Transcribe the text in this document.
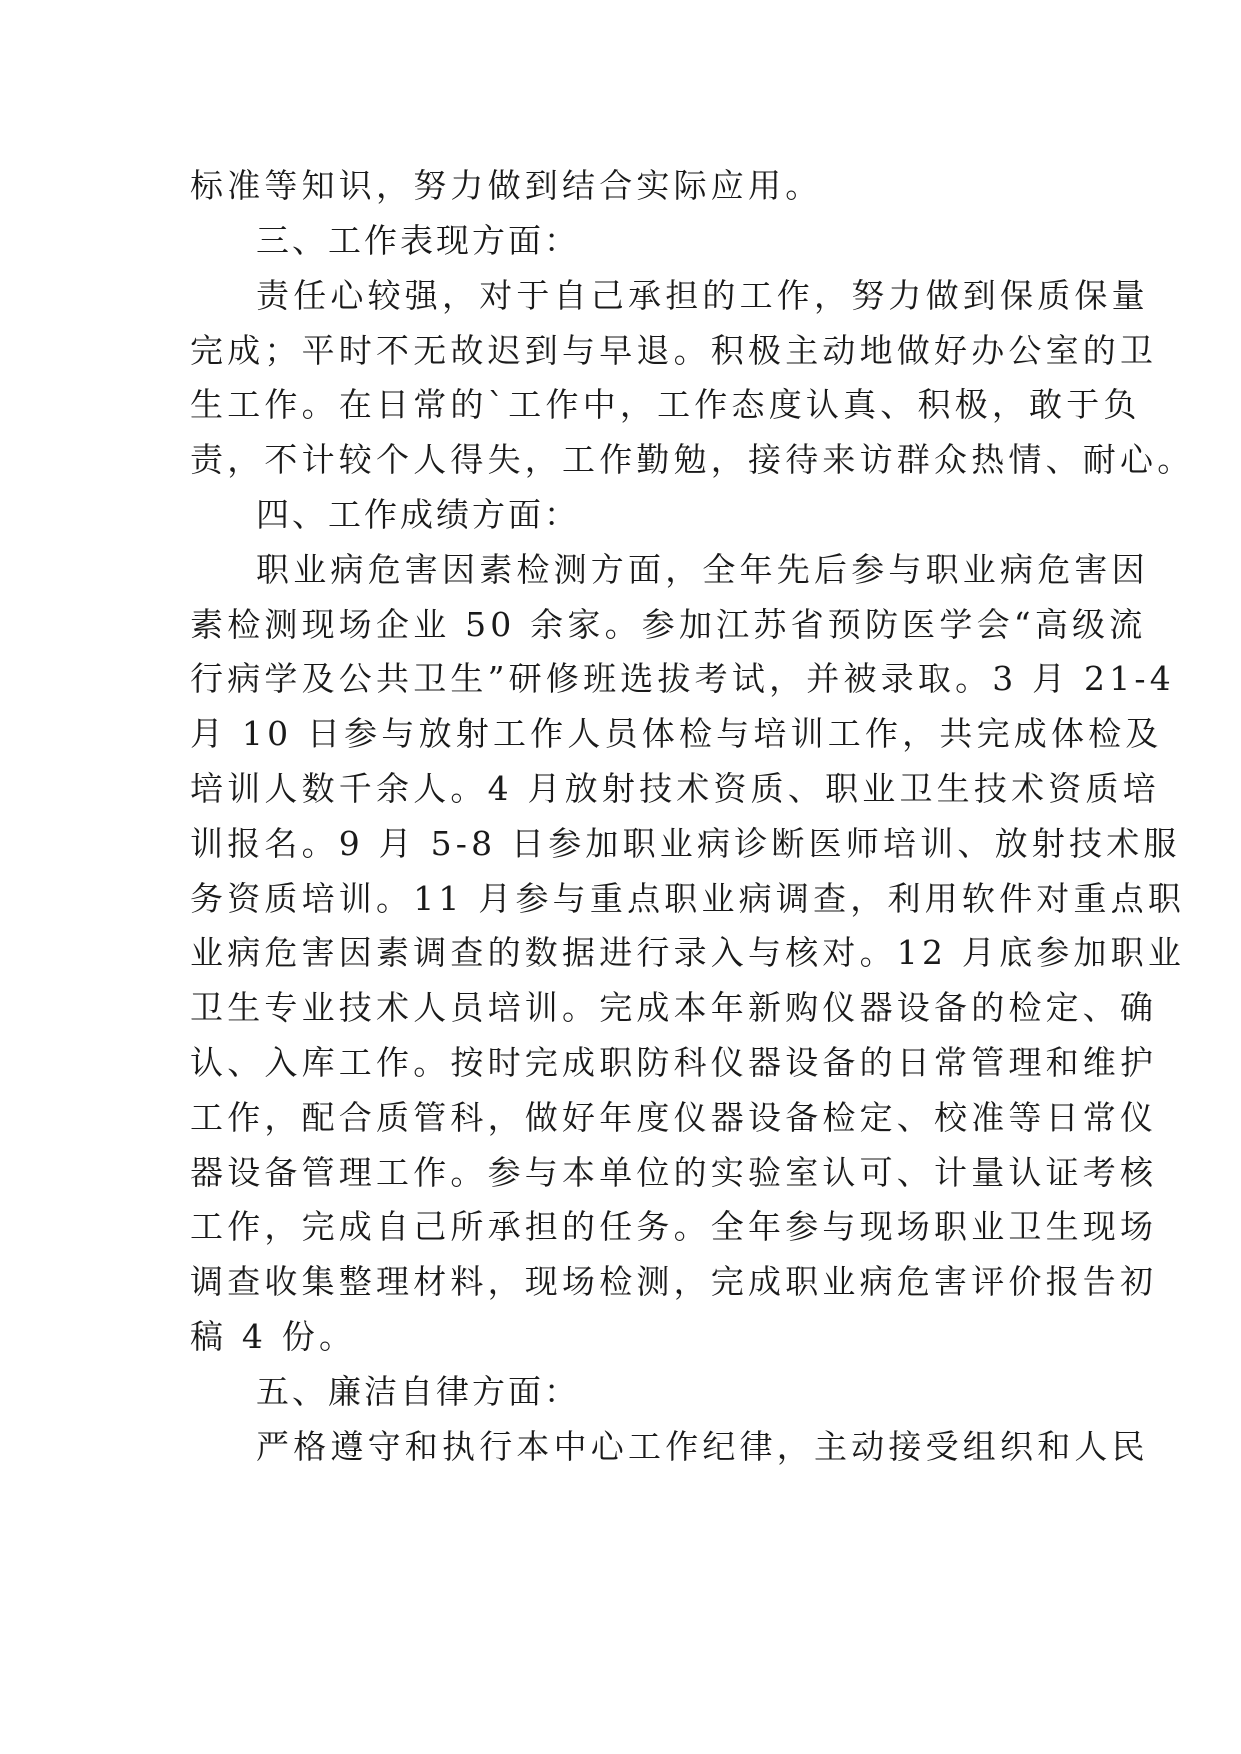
标准等知识，努力做到结合实际应用。
三、工作表现方面：
责任心较强，对于自己承担的工作，努力做到保质保量
完成；平时不无故迟到与早退。积极主动地做好办公室的卫
生工作。在日常的`工作中，工作态度认真、积极，敢于负
责，不计较个人得失，工作勤勉，接待来访群众热情、耐心。
四、工作成绩方面：
职业病危害因素检测方面，全年先后参与职业病危害因
素检测现场企业 50 余家。参加江苏省预防医学会“高级流
行病学及公共卫生”研修班选拔考试，并被录取。3 月 21-4
月 10 日参与放射工作人员体检与培训工作，共完成体检及
培训人数千余人。4 月放射技术资质、职业卫生技术资质培
训报名。9 月 5-8 日参加职业病诊断医师培训、放射技术服
务资质培训。11 月参与重点职业病调查，利用软件对重点职
业病危害因素调查的数据进行录入与核对。12 月底参加职业
卫生专业技术人员培训。完成本年新购仪器设备的检定、确
认、入库工作。按时完成职防科仪器设备的日常管理和维护
工作，配合质管科，做好年度仪器设备检定、校准等日常仪
器设备管理工作。参与本单位的实验室认可、计量认证考核
工作，完成自己所承担的任务。全年参与现场职业卫生现场
调查收集整理材料，现场检测，完成职业病危害评价报告初
稿 4 份。
五、廉洁自律方面：
严格遵守和执行本中心工作纪律，主动接受组织和人民
